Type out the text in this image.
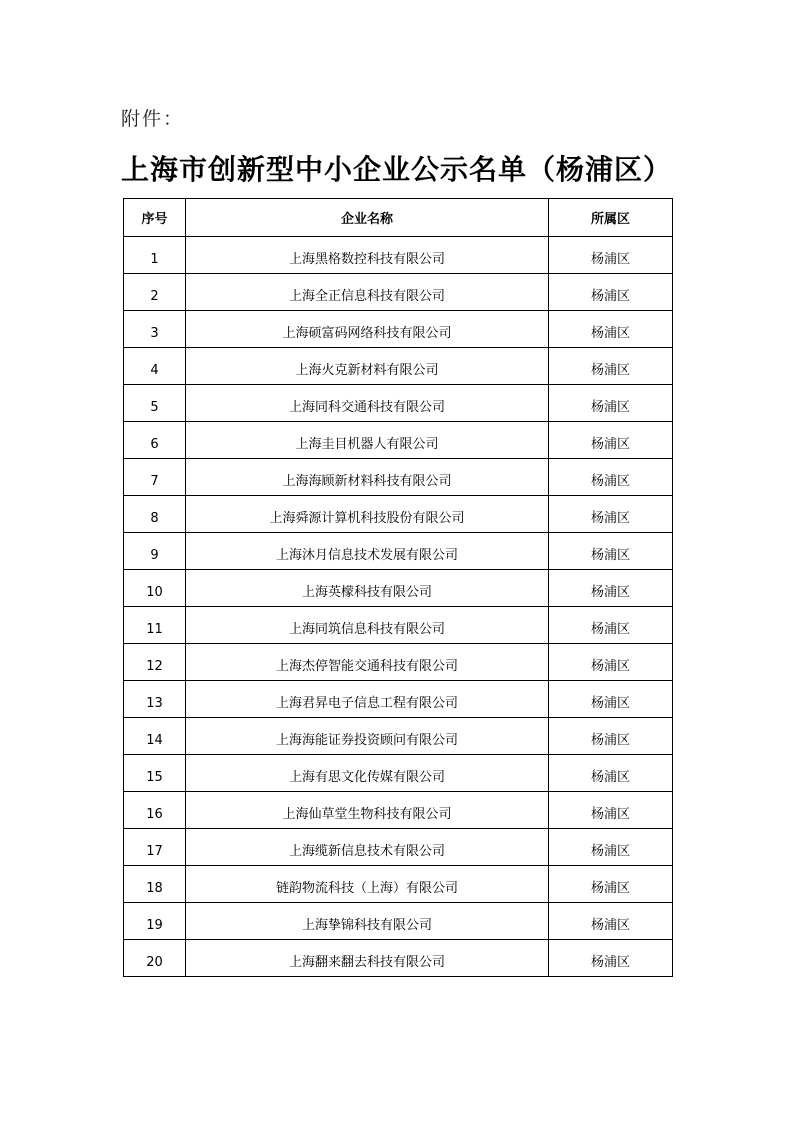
附件：

上海市创新型中小企业公示名单（杨浦区）
序号	企业名称	所属区
1	上海黑格数控科技有限公司	杨浦区
2	上海全正信息科技有限公司	杨浦区
3	上海硕富码网络科技有限公司	杨浦区
4	上海火克新材料有限公司	杨浦区
5	上海同科交通科技有限公司	杨浦区
6	上海圭目机器人有限公司	杨浦区
7	上海海顾新材料科技有限公司	杨浦区
8	上海舜源计算机科技股份有限公司	杨浦区
9	上海沐月信息技术发展有限公司	杨浦区
10	上海英檬科技有限公司	杨浦区
11	上海同筑信息科技有限公司	杨浦区
12	上海杰停智能交通科技有限公司	杨浦区
13	上海君昇电子信息工程有限公司	杨浦区
14	上海海能证券投资顾问有限公司	杨浦区
15	上海有思文化传媒有限公司	杨浦区
16	上海仙草堂生物科技有限公司	杨浦区
17	上海缆新信息技术有限公司	杨浦区
18	链韵物流科技（上海）有限公司	杨浦区
19	上海挚锦科技有限公司	杨浦区
20	上海翻来翻去科技有限公司	杨浦区
